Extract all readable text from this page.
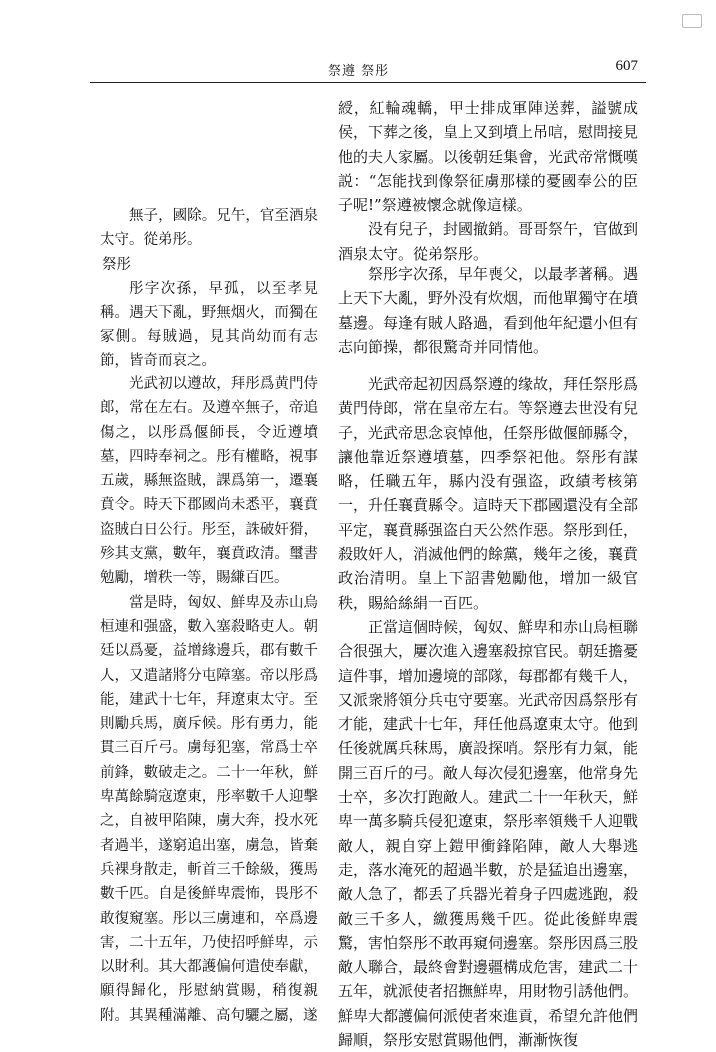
祭遵 祭彤	607

無子，國除。兄午，官至酒泉太守。從弟彤。

祭彤

彤字次孫，早孤，以至孝見稱。遇天下亂，野無烟火，而獨在冢側。每賊過，見其尚幼而有志節，皆奇而哀之。

光武初以遵故，拜彤爲黄門侍郎，常在左右。及遵卒無子，帝追傷之，以彤爲偃師長，令近遵墳墓，四時奉祠之。彤有權略，視事五歲，縣無盗賊，課爲第一，遷襄賁令。時天下郡國尚未悉平，襄賁盗賊白日公行。彤至，誅破奸猾，殄其支黨，數年，襄賁政清。璽書勉勵，增秩一等，賜縑百匹。

當是時，匈奴、鮮卑及赤山烏桓連和强盛，數入塞殺略吏人。朝廷以爲憂，益增緣邊兵，郡有數千人，又遣諸將分屯障塞。帝以彤爲能，建武十七年，拜遼東太守。至則勵兵馬，廣斥候。彤有勇力，能貫三百斤弓。虜每犯塞，常爲士卒前鋒，數破走之。二十一年秋，鮮卑萬餘騎寇遼東，彤率數千人迎擊之，自被甲陷陳，虜大奔，投水死者過半，遂窮追出塞，虜急，皆棄兵裸身散走，斬首三千餘級，獲馬數千匹。自是後鮮卑震怖，畏彤不敢復窺塞。彤以三虜連和，卒爲邊害，二十五年，乃使招呼鮮卑，示以財利。其大都護偏何遣使奉獻，願得歸化，彤慰納賞賜，稍復親附。其異種滿離、高句驪之屬，遂

綬，紅輪魂轎，甲士排成軍陣送葬，謚號成侯，下葬之後，皇上又到墳上吊唁，慰問接見他的夫人家屬。以後朝廷集會，光武帝常慨嘆説：“怎能找到像祭征虜那樣的憂國奉公的臣子呢!”祭遵被懷念就像這樣。

没有兒子，封國撤銷。哥哥祭午，官做到酒泉太守。從弟祭彤。

祭彤字次孫，早年喪父，以最孝著稱。遇上天下大亂，野外没有炊烟，而他單獨守在墳墓邊。每逢有賊人路過，看到他年紀還小但有志向節操，都很驚奇并同情他。

光武帝起初因爲祭遵的缘故，拜任祭彤爲黄門侍郎，常在皇帝左右。等祭遵去世没有兒子，光武帝思念哀悼他，任祭彤做偃師縣令，讓他靠近祭遵墳墓，四季祭祀他。祭彤有謀略，任職五年，縣内没有强盗，政績考核第一，升任襄賁縣令。這時天下郡國還没有全部平定，襄賁縣强盗白天公然作惡。祭彤到任，殺敗奸人，消滅他們的餘黨，幾年之後，襄賁政治清明。皇上下詔書勉勵他，增加一級官秩，賜給絲絹一百匹。

正當這個時候，匈奴、鮮卑和赤山烏桓聯合很强大，屢次進入邊塞殺掠官民。朝廷擔憂這件事，增加邊境的部隊，每郡都有幾千人，又派衆將領分兵屯守要塞。光武帝因爲祭彤有才能，建武十七年，拜任他爲遼東太守。他到任後就厲兵秣馬，廣設探哨。祭彤有力氣，能開三百斤的弓。敵人每次侵犯邊塞，他常身先士卒，多次打跑敵人。建武二十一年秋天，鮮卑一萬多騎兵侵犯遼東，祭彤率領幾千人迎戰敵人，親自穿上鎧甲衝鋒陷陣，敵人大舉逃走，落水淹死的超過半數，於是猛追出邊塞，敵人急了，都丢了兵器光着身子四處逃跑，殺敵三千多人，繳獲馬幾千匹。從此後鮮卑震驚，害怕祭彤不敢再窺伺邊塞。祭彤因爲三股敵人聯合，最終會對邊疆構成危害，建武二十五年，就派使者招撫鮮卑，用財物引誘他們。鮮卑大都護偏何派使者來進貢，希望允許他們歸順，祭彤安慰賞賜他們，漸漸恢復
